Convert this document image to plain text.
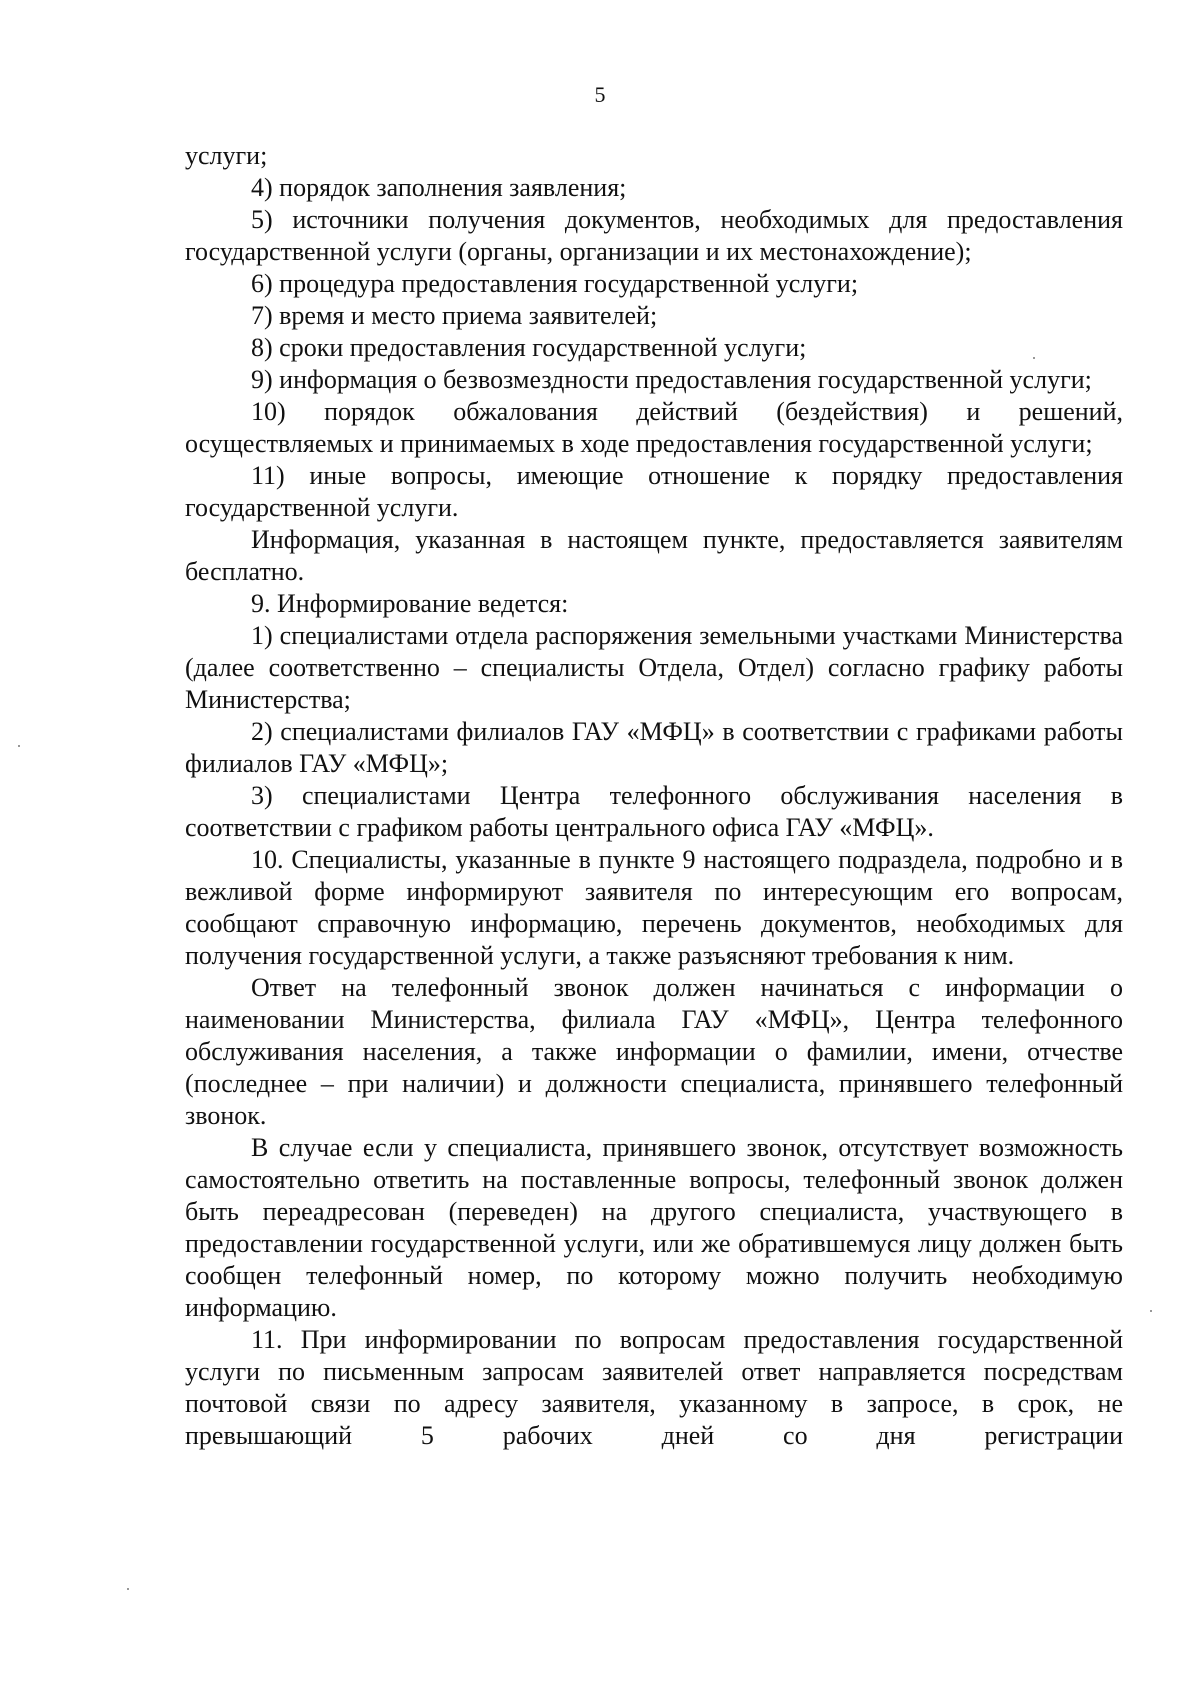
5

услуги;

4) порядок заполнения заявления;

5) источники получения документов, необходимых для предоставления государственной услуги (органы, организации и их местонахождение);

6) процедура предоставления государственной услуги;

7) время и место приема заявителей;

8) сроки предоставления государственной услуги;

9) информация о безвозмездности предоставления государственной услуги;

10) порядок обжалования действий (бездействия) и решений, осуществляемых и принимаемых в ходе предоставления государственной услуги;

11) иные вопросы, имеющие отношение к порядку предоставления государственной услуги.

Информация, указанная в настоящем пункте, предоставляется заявителям бесплатно.

9. Информирование ведется:

1) специалистами отдела распоряжения земельными участками Министерства (далее соответственно – специалисты Отдела, Отдел) согласно графику работы Министерства;

2) специалистами филиалов ГАУ «МФЦ» в соответствии с графиками работы филиалов ГАУ «МФЦ»;

3) специалистами Центра телефонного обслуживания населения в соответствии с графиком работы центрального офиса ГАУ «МФЦ».

10. Специалисты, указанные в пункте 9 настоящего подраздела, подробно и в вежливой форме информируют заявителя по интересующим его вопросам, сообщают справочную информацию, перечень документов, необходимых для получения государственной услуги, а также разъясняют требования к ним.

Ответ на телефонный звонок должен начинаться с информации о наименовании Министерства, филиала ГАУ «МФЦ», Центра телефонного обслуживания населения, а также информации о фамилии, имени, отчестве (последнее – при наличии) и должности специалиста, принявшего телефонный звонок.

В случае если у специалиста, принявшего звонок, отсутствует возможность самостоятельно ответить на поставленные вопросы, телефонный звонок должен быть переадресован (переведен) на другого специалиста, участвующего в предоставлении государственной услуги, или же обратившемуся лицу должен быть сообщен телефонный номер, по которому можно получить необходимую информацию.

11. При информировании по вопросам предоставления государственной услуги по письменным запросам заявителей ответ направляется посредствам почтовой связи по адресу заявителя, указанному в запросе, в срок, не превышающий 5 рабочих дней со дня регистрации
